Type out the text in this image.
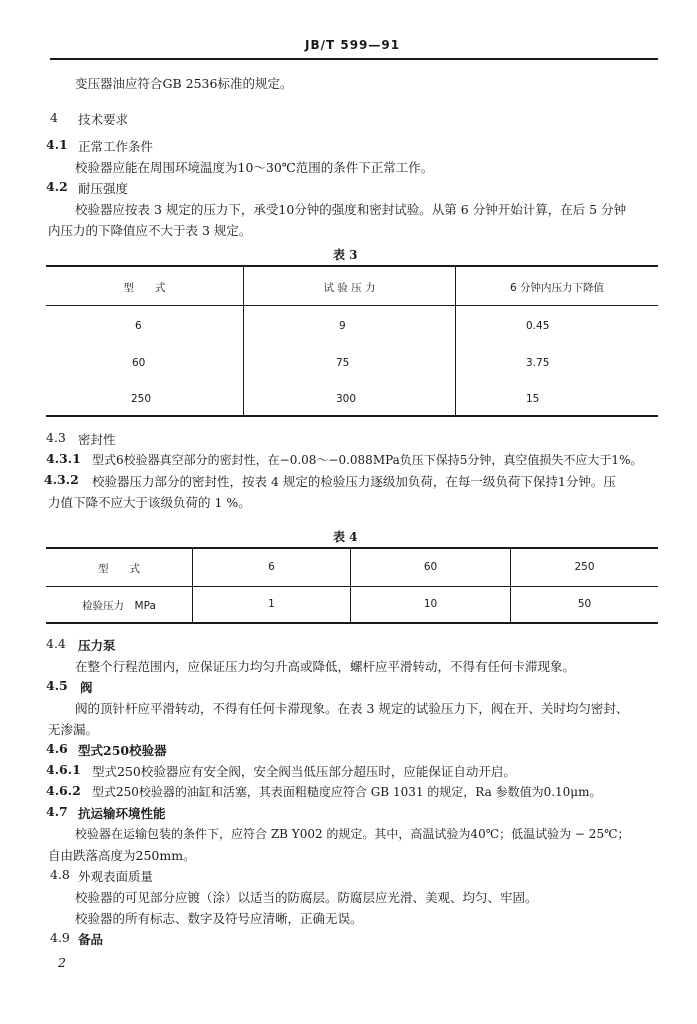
JB/T 599—91
变压器油应符合GB 2536标准的规定。
4 技术要求
4.1 正常工作条件
校验器应能在周围环境温度为10～30℃范围的条件下正常工作。
4.2 耐压强度
校验器应按表 3 规定的压力下，承受10分钟的强度和密封试验。从第 6 分钟开始计算，在后 5 分钟
内压力的下降值应不大于表 3 规定。
表 3
型　　式	试 验 压 力	6 分钟内压力下降值
6	9	0.45
60	75	3.75
250	300	15
4.3 密封性
4.3.1 型式6校验器真空部分的密封性，在−0.08～−0.088MPa负压下保持5分钟，真空值损失不应大于1%。
4.3.2 校验器压力部分的密封性，按表 4 规定的检验压力逐级加负荷，在每一级负荷下保持1分钟。压
力值下降不应大于该级负荷的 1 %。
表 4
型　　式	6	60	250
检验压力　MPa	1	10	50
4.4 压力泵
在整个行程范围内，应保证压力均匀升高或降低，螺杆应平滑转动，不得有任何卡滞现象。
4.5 阀
阀的顶针杆应平滑转动，不得有任何卡滞现象。在表 3 规定的试验压力下，阀在开、关时均匀密封、
无渗漏。
4.6 型式250校验器
4.6.1 型式250校验器应有安全阀，安全阀当低压部分超压时，应能保证自动开启。
4.6.2 型式250校验器的油缸和活塞，其表面粗糙度应符合 GB 1031 的规定，Ra 参数值为0.10μm。
4.7 抗运输环境性能
校验器在运输包装的条件下，应符合 ZB Y002 的规定。其中，高温试验为40℃；低温试验为 − 25℃；
自由跌落高度为250mm。
4.8 外观表面质量
校验器的可见部分应镀（涂）以适当的防腐层。防腐层应光滑、美观、均匀、牢固。
校验器的所有标志、数字及符号应清晰，正确无误。
4.9 备品
2
